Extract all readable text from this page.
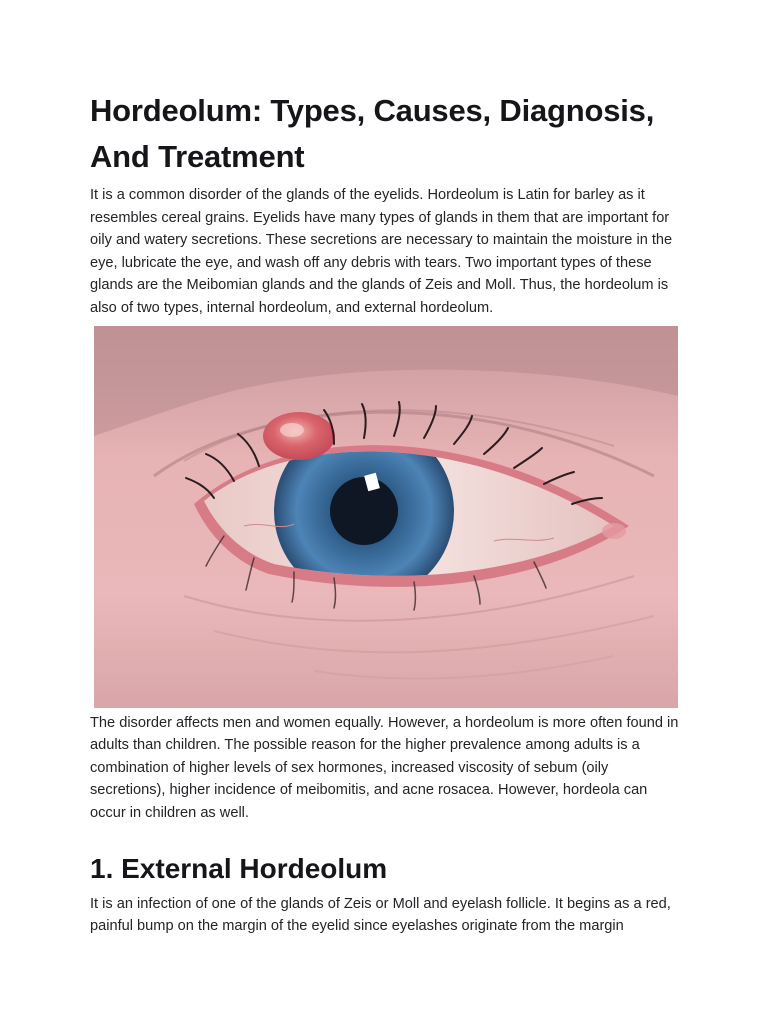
Hordeolum: Types, Causes, Diagnosis, And Treatment

It is a common disorder of the glands of the eyelids. Hordeolum is Latin for barley as it resembles cereal grains. Eyelids have many types of glands in them that are important for oily and watery secretions. These secretions are necessary to maintain the moisture in the eye, lubricate the eye, and wash off any debris with tears. Two important types of these glands are the Meibomian glands and the glands of Zeis and Moll. Thus, the hordeolum is also of two types, internal hordeolum, and external hordeolum.

The disorder affects men and women equally. However, a hordeolum is more often found in adults than children. The possible reason for the higher prevalence among adults is a combination of higher levels of sex hormones, increased viscosity of sebum (oily secretions), higher incidence of meibomitis, and acne rosacea. However, hordeola can occur in children as well.

1. External Hordeolum

It is an infection of one of the glands of Zeis or Moll and eyelash follicle. It begins as a red, painful bump on the margin of the eyelid since eyelashes originate from the margin
